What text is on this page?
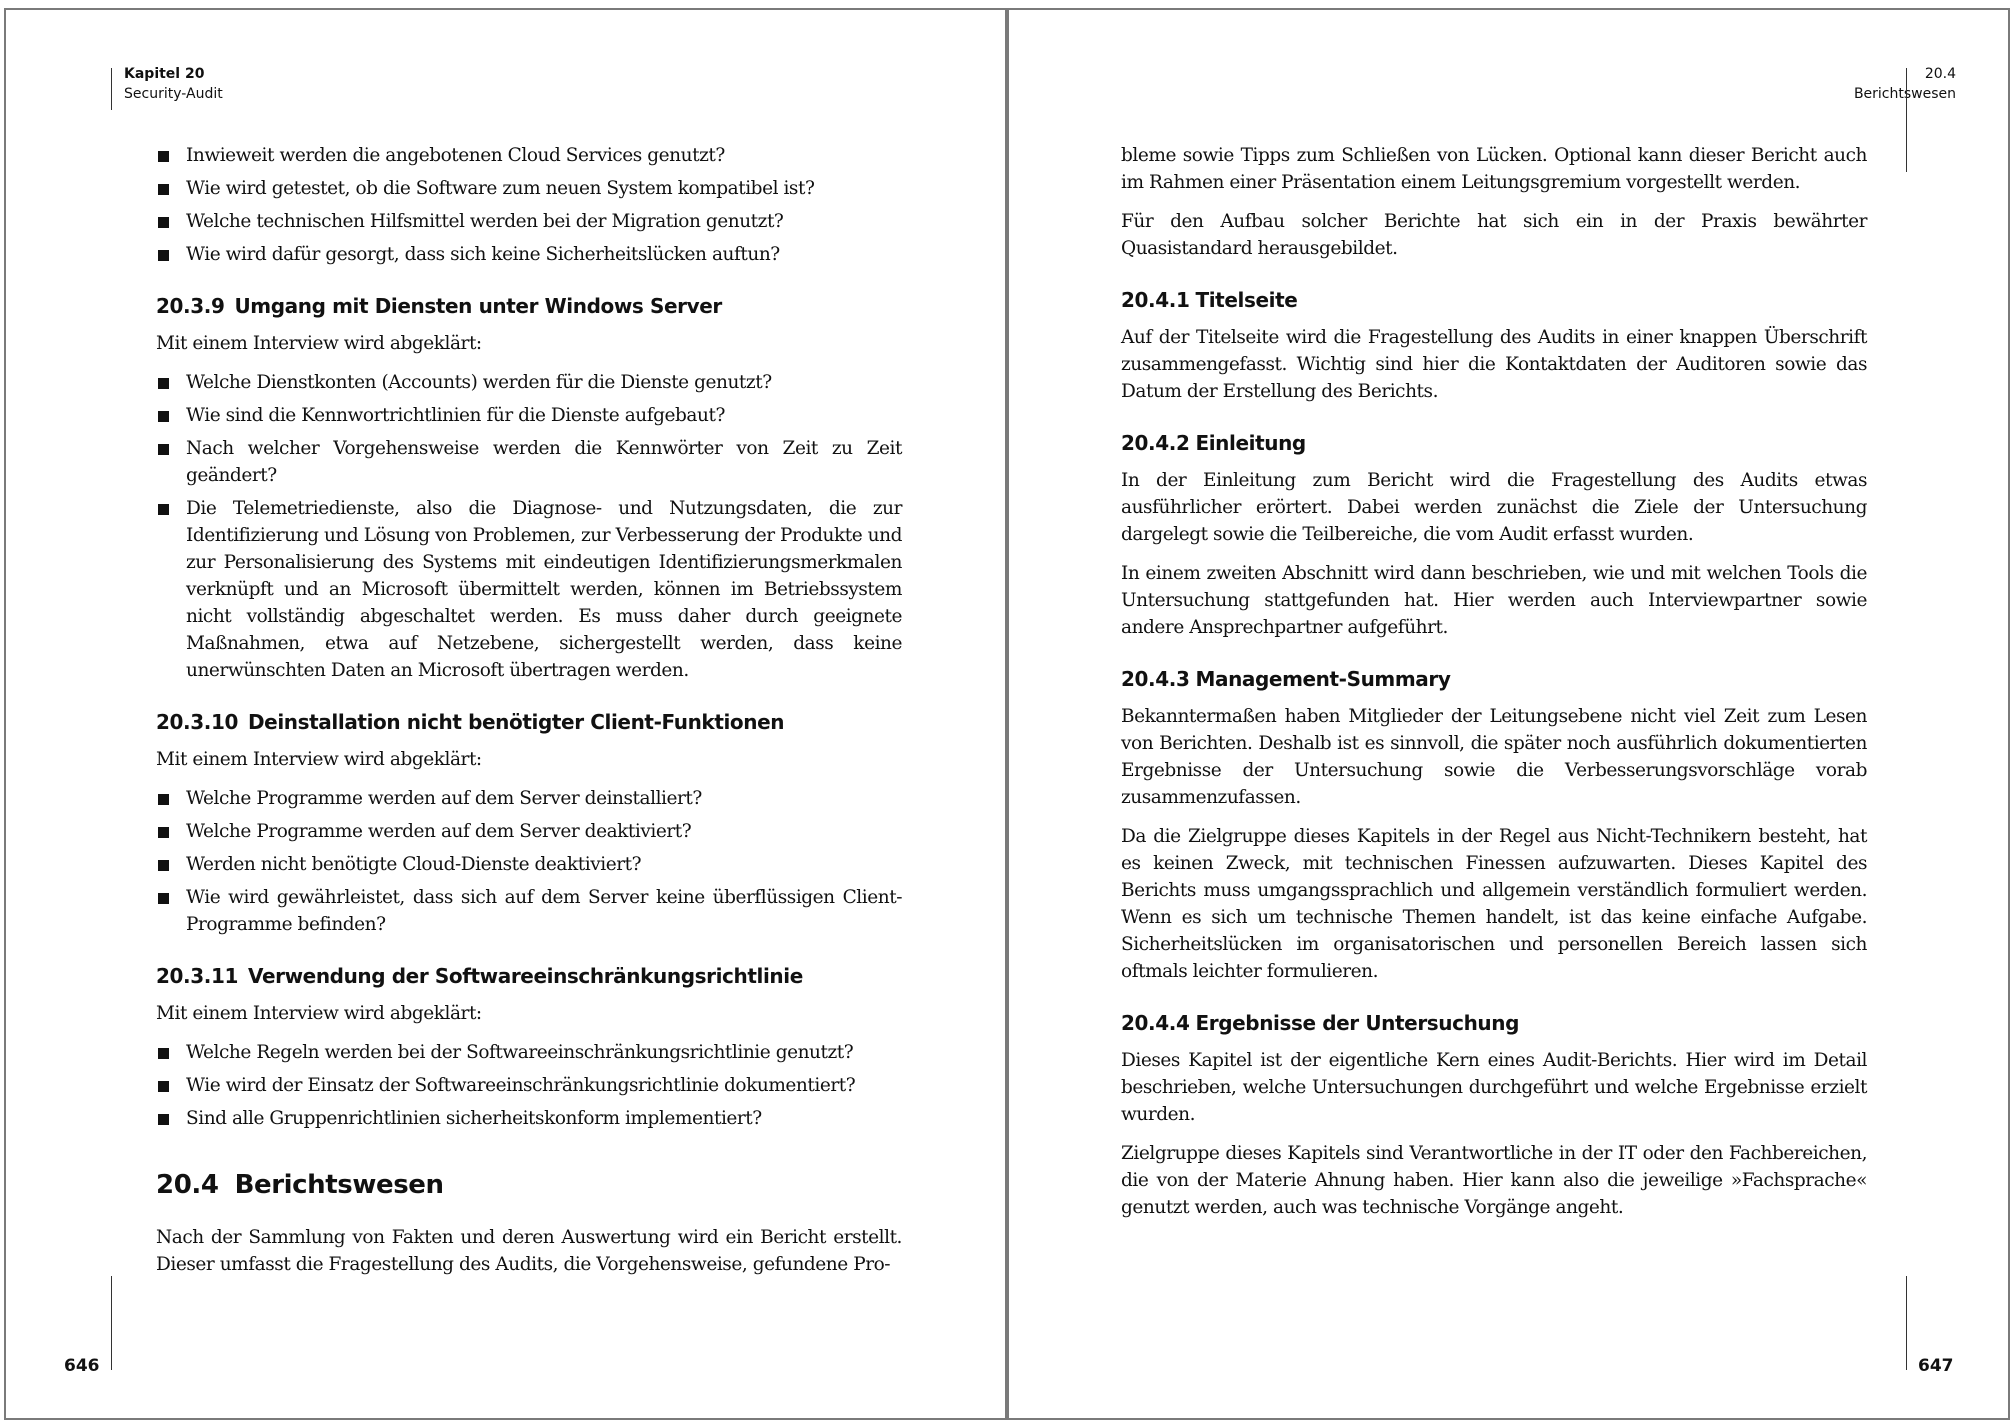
Kapitel 20
Security-Audit
Inwieweit werden die angebotenen Cloud Services genutzt?
Wie wird getestet, ob die Software zum neuen System kompatibel ist?
Welche technischen Hilfsmittel werden bei der Migration genutzt?
Wie wird dafür gesorgt, dass sich keine Sicherheitslücken auftun?
20.3.9 Umgang mit Diensten unter Windows Server

Mit einem Interview wird abgeklärt:

Welche Dienstkonten (Accounts) werden für die Dienste genutzt?
Wie sind die Kennwortrichtlinien für die Dienste aufgebaut?
Nach welcher Vorgehensweise werden die Kennwörter von Zeit zu Zeit geändert?
Die Telemetriedienste, also die Diagnose- und Nutzungsdaten, die zur Identifizierung und Lösung von Problemen, zur Verbesserung der Produkte und zur Personalisierung des Systems mit eindeutigen Identifizierungsmerkmalen verknüpft und an Microsoft übermittelt werden, können im Betriebssystem nicht vollständig abgeschaltet werden. Es muss daher durch geeignete Maßnahmen, etwa auf Netzebene, sichergestellt werden, dass keine unerwünschten Daten an Microsoft übertragen werden.
20.3.10 Deinstallation nicht benötigter Client-Funktionen

Mit einem Interview wird abgeklärt:

Welche Programme werden auf dem Server deinstalliert?
Welche Programme werden auf dem Server deaktiviert?
Werden nicht benötigte Cloud-Dienste deaktiviert?
Wie wird gewährleistet, dass sich auf dem Server keine überflüssigen Client-Programme befinden?
20.3.11 Verwendung der Softwareeinschränkungsrichtlinie

Mit einem Interview wird abgeklärt:

Welche Regeln werden bei der Softwareeinschränkungsrichtlinie genutzt?
Wie wird der Einsatz der Softwareeinschränkungsrichtlinie dokumentiert?
Sind alle Gruppenrichtlinien sicherheitskonform implementiert?
20.4 Berichtswesen

Nach der Sammlung von Fakten und deren Auswertung wird ein Bericht erstellt. Dieser umfasst die Fragestellung des Audits, die Vorgehensweise, gefundene Pro-

646
20.4
Berichtswesen

bleme sowie Tipps zum Schließen von Lücken. Optional kann dieser Bericht auch im Rahmen einer Präsentation einem Leitungsgremium vorgestellt werden.

Für den Aufbau solcher Berichte hat sich ein in der Praxis bewährter Quasistandard herausgebildet.

20.4.1 Titelseite

Auf der Titelseite wird die Fragestellung des Audits in einer knappen Überschrift zusammengefasst. Wichtig sind hier die Kontaktdaten der Auditoren sowie das Datum der Erstellung des Berichts.

20.4.2 Einleitung

In der Einleitung zum Bericht wird die Fragestellung des Audits etwas ausführlicher erörtert. Dabei werden zunächst die Ziele der Untersuchung dargelegt sowie die Teilbereiche, die vom Audit erfasst wurden.

In einem zweiten Abschnitt wird dann beschrieben, wie und mit welchen Tools die Untersuchung stattgefunden hat. Hier werden auch Interviewpartner sowie andere Ansprechpartner aufgeführt.

20.4.3 Management-Summary

Bekanntermaßen haben Mitglieder der Leitungsebene nicht viel Zeit zum Lesen von Berichten. Deshalb ist es sinnvoll, die später noch ausführlich dokumentierten Ergebnisse der Untersuchung sowie die Verbesserungsvorschläge vorab zusammenzufassen.

Da die Zielgruppe dieses Kapitels in der Regel aus Nicht-Technikern besteht, hat es keinen Zweck, mit technischen Finessen aufzuwarten. Dieses Kapitel des Berichts muss umgangssprachlich und allgemein verständlich formuliert werden. Wenn es sich um technische Themen handelt, ist das keine einfache Aufgabe. Sicherheitslücken im organisatorischen und personellen Bereich lassen sich oftmals leichter formulieren.

20.4.4 Ergebnisse der Untersuchung

Dieses Kapitel ist der eigentliche Kern eines Audit-Berichts. Hier wird im Detail beschrieben, welche Untersuchungen durchgeführt und welche Ergebnisse erzielt wurden.

Zielgruppe dieses Kapitels sind Verantwortliche in der IT oder den Fachbereichen, die von der Materie Ahnung haben. Hier kann also die jeweilige »Fachsprache« genutzt werden, auch was technische Vorgänge angeht.

647
